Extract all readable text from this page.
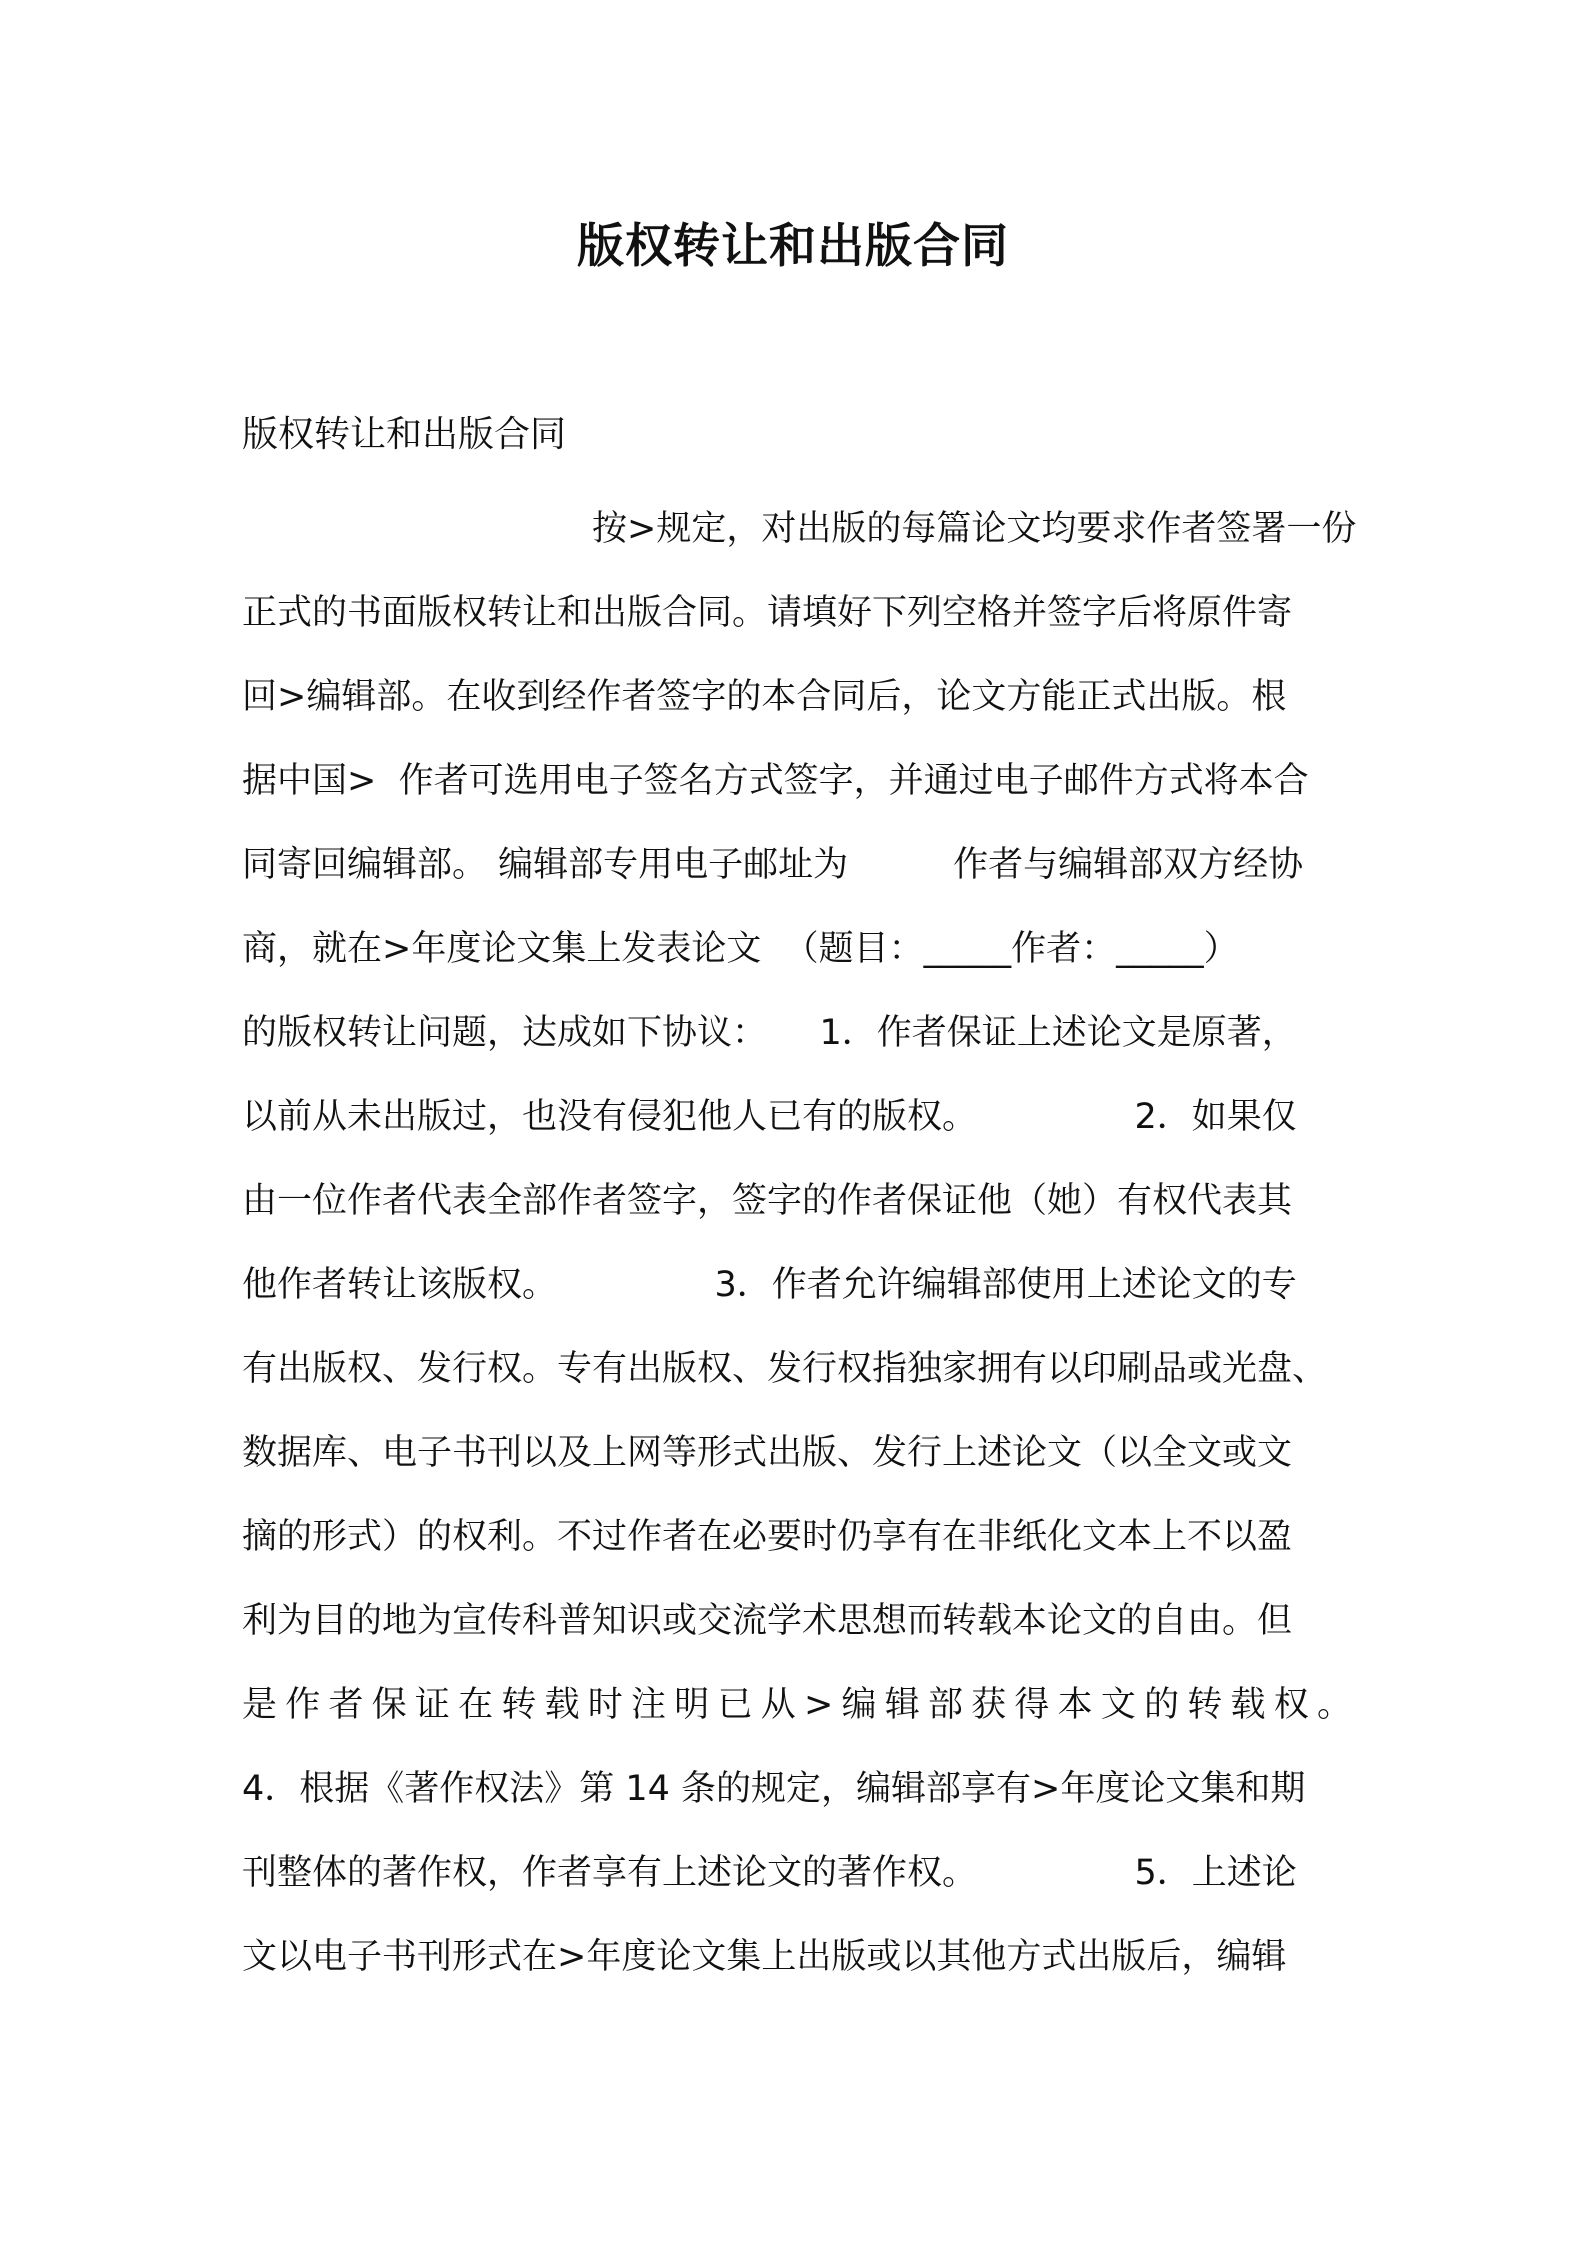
版权转让和出版合同

版权转让和出版合同

　　　　　　　　　　按>规定，对出版的每篇论文均要求作者签署一份
正式的书面版权转让和出版合同。请填好下列空格并签字后将原件寄
回>编辑部。在收到经作者签字的本合同后，论文方能正式出版。根
据中国>  作者可选用电子签名方式签字，并通过电子邮件方式将本合
同寄回编辑部。 编辑部专用电子邮址为　　　作者与编辑部双方经协
商，就在>年度论文集上发表论文  （题目：_____作者：_____）
的版权转让问题，达成如下协议：　　1．作者保证上述论文是原著，
以前从未出版过，也没有侵犯他人已有的版权。　　　　　2．如果仅
由一位作者代表全部作者签字，签字的作者保证他（她）有权代表其
他作者转让该版权。　　　　　3．作者允许编辑部使用上述论文的专
有出版权、发行权。专有出版权、发行权指独家拥有以印刷品或光盘、
数据库、电子书刊以及上网等形式出版、发行上述论文（以全文或文
摘的形式）的权利。不过作者在必要时仍享有在非纸化文本上不以盈
利为目的地为宣传科普知识或交流学术思想而转载本论文的自由。但
是作者保证在转载时注明已从>编辑部获得本文的转载权。
4．根据《著作权法》第 14 条的规定，编辑部享有>年度论文集和期
刊整体的著作权，作者享有上述论文的著作权。　　　　　5．上述论
文以电子书刊形式在>年度论文集上出版或以其他方式出版后，编辑
